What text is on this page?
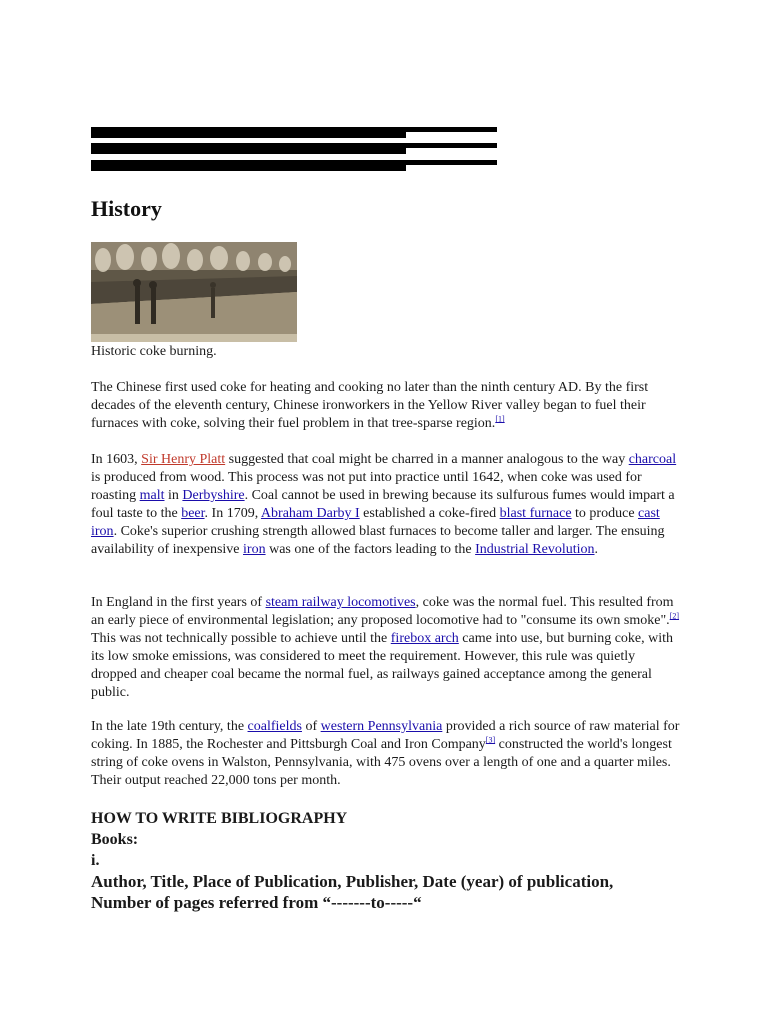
History
Historic coke burning.

The Chinese first used coke for heating and cooking no later than the ninth century AD. By the first decades of the eleventh century, Chinese ironworkers in the Yellow River valley began to fuel their furnaces with coke, solving their fuel problem in that tree-sparse region.[1]

In 1603, Sir Henry Platt suggested that coal might be charred in a manner analogous to the way charcoal is produced from wood. This process was not put into practice until 1642, when coke was used for roasting malt in Derbyshire. Coal cannot be used in brewing because its sulfurous fumes would impart a foul taste to the beer. In 1709, Abraham Darby I established a coke-fired blast furnace to produce cast iron. Coke's superior crushing strength allowed blast furnaces to become taller and larger. The ensuing availability of inexpensive iron was one of the factors leading to the Industrial Revolution.

In England in the first years of steam railway locomotives, coke was the normal fuel. This resulted from an early piece of environmental legislation; any proposed locomotive had to "consume its own smoke".[2] This was not technically possible to achieve until the firebox arch came into use, but burning coke, with its low smoke emissions, was considered to meet the requirement. However, this rule was quietly dropped and cheaper coal became the normal fuel, as railways gained acceptance among the general public.

In the late 19th century, the coalfields of western Pennsylvania provided a rich source of raw material for coking. In 1885, the Rochester and Pittsburgh Coal and Iron Company[3] constructed the world's longest string of coke ovens in Walston, Pennsylvania, with 475 ovens over a length of one and a quarter miles. Their output reached 22,000 tons per month.

HOW TO WRITE BIBLIOGRAPHY
Books:
i.
Author, Title, Place of Publication, Publisher, Date (year) of publication,
Number of pages referred from “-------to-----“
